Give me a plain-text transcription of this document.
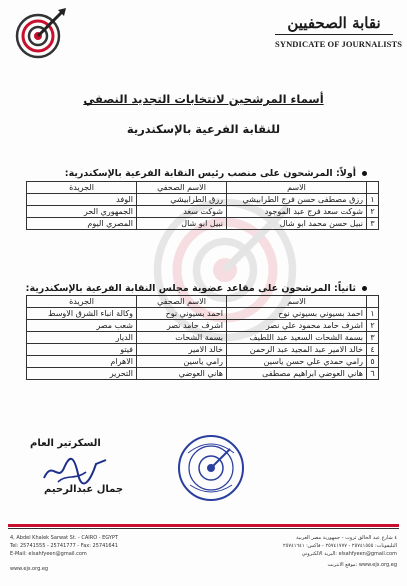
نقابة الصحفيين
SYNDICATE OF JOURNALISTS
أسماء المرشحين لانتخابات التجديد النصفي
للنقابة الفرعية بالإسكندرية
أولاً: المرشحون على منصب رئيس النقابة الفرعية بالإسكندرية:
	الاسم	الاسم الصحفي	الجريدة
١	رزق مصطفى حسن فرج الطرابيشي	رزق الطرابيشي	الوفد
٢	شوكت سعد فرج عبد الموجود	شوكت سعد	الجمهوري الحر
٣	نبيل حسن محمد ابو شال	نبيل ابو شال	المصري اليوم
ثانياً: المرشحون على مقاعد عضوية مجلس النقابة الفرعية بالإسكندرية:
	الاسم	الاسم الصحفي	الجريدة
١	احمد بسيوني بسيوني نوح	احمد بسيوني نوح	وكالة انباء الشرق الاوسط
٢	اشرف حامد محمود علي نصر	اشرف حامد نصر	شعب مصر
٣	بسمة الشحات السعيد عبد اللطيف	بسمة الشحات	الديار
٤	خالد الامير عبد المجيد عبد الرحمن	خالد الامير	فيتو
٥	رامي حمدي علي حسن ياسين	رامي ياسين	الاهرام
٦	هاني العوضي ابراهيم مصطفى	هاني العوضي	التحرير
السكرتير العام
جمال عبدالرحيم
4, Abdel Khalek Sarwat St. - CAIRO - EGYPT
Tel: 25741555 - 25741777 - Fax: 25741641
E-Mail: elsahfyeen@gmail.com
٤ شارع عبد الخالق ثروت - جمهورية مصر العربية
التليفونات: ٢٥٧٤١٥٥٥ - ٢٥٧٤١٧٧٧ - فاكس: ٢٥٧٤١٦٤١
elsahfyeen@gmail.com :البريد الالكتروني
www.ejs.org.eg
www.ejs.org.eg :موقع الانترنت
